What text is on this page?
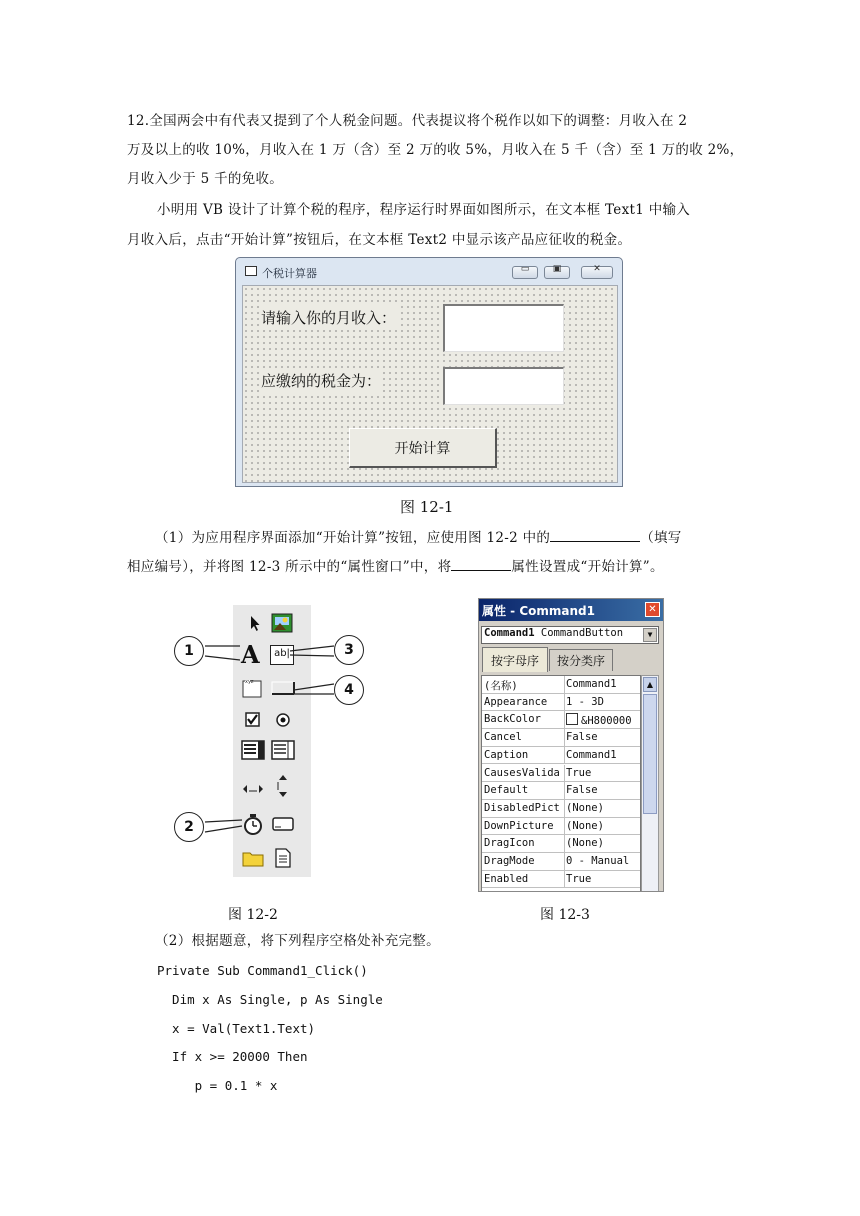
12.全国两会中有代表又提到了个人税金问题。代表提议将个税作以如下的调整：月收入在 2
万及以上的收 10%，月收入在 1 万（含）至 2 万的收 5%，月收入在 5 千（含）至 1 万的收 2%，
月收入少于 5 千的免收。
小明用 VB 设计了计算个税的程序，程序运行时界面如图所示，在文本框 Text1 中输入
月收入后，点击“开始计算”按钮后，在文本框 Text2 中显示该产品应征收的税金。
个税计算器	▭	▣	✕
请输入你的月收入：
应缴纳的税金为：
开始计算
图 12-1
（1）为应用程序界面添加“开始计算”按钮，应使用图 12-2 中的	（填写
相应编号），并将图 12-3 所示中的“属性窗口”中，将	属性设置成“开始计算”。
A	ab|
xyz
1	3
4
2
属性 - Command1	✕
Command1 CommandButton	▼
按字母序	按分类序
(名称)	Command1
Appearance	1 - 3D
BackColor	&H800000
Cancel	False
Caption	Command1
CausesValida True
Default	False
DisabledPict (None)
DownPicture	(None)
DragIcon	(None)
DragMode	0 - Manual
Enabled	True
▲
图 12-2	图 12-3
（2）根据题意，将下列程序空格处补充完整。
Private Sub Command1_Click()
Dim x As Single, p As Single
x = Val(Text1.Text)
If x >= 20000 Then
p = 0.1 * x
